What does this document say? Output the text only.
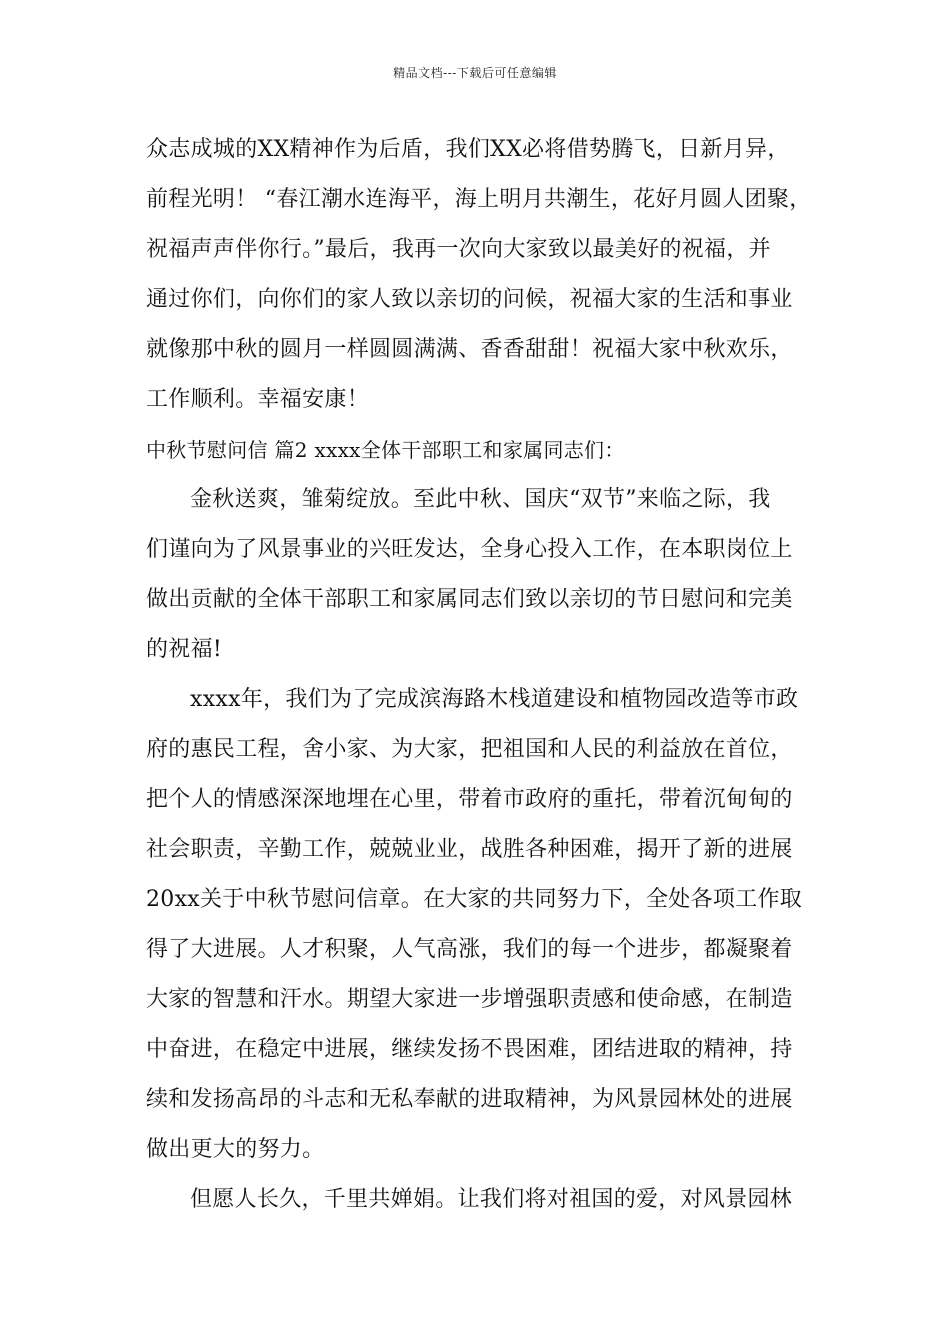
精品文档---下载后可任意编辑
众志成城的XX精神作为后盾，我们XX必将借势腾飞，日新月异，
前程光明！ “春江潮水连海平，海上明月共潮生，花好月圆人团聚，
祝福声声伴你行。”最后，我再一次向大家致以最美好的祝福，并
通过你们，向你们的家人致以亲切的问候，祝福大家的生活和事业
就像那中秋的圆月一样圆圆满满、香香甜甜！祝福大家中秋欢乐，
工作顺利。幸福安康！
中秋节慰问信 篇2 xxxx全体干部职工和家属同志们：
金秋送爽，雏菊绽放。至此中秋、国庆“双节”来临之际，我
们谨向为了风景事业的兴旺发达，全身心投入工作，在本职岗位上
做出贡献的全体干部职工和家属同志们致以亲切的节日慰问和完美
的祝福!
xxxx年，我们为了完成滨海路木栈道建设和植物园改造等市政
府的惠民工程，舍小家、为大家，把祖国和人民的利益放在首位，
把个人的情感深深地埋在心里，带着市政府的重托，带着沉甸甸的
社会职责，辛勤工作，兢兢业业，战胜各种困难，揭开了新的进展
20xx关于中秋节慰问信章。在大家的共同努力下，全处各项工作取
得了大进展。人才积聚，人气高涨，我们的每一个进步，都凝聚着
大家的智慧和汗水。期望大家进一步增强职责感和使命感，在制造
中奋进，在稳定中进展，继续发扬不畏困难，团结进取的精神，持
续和发扬高昂的斗志和无私奉献的进取精神，为风景园林处的进展
做出更大的努力。
但愿人长久，千里共婵娟。让我们将对祖国的爱，对风景园林
